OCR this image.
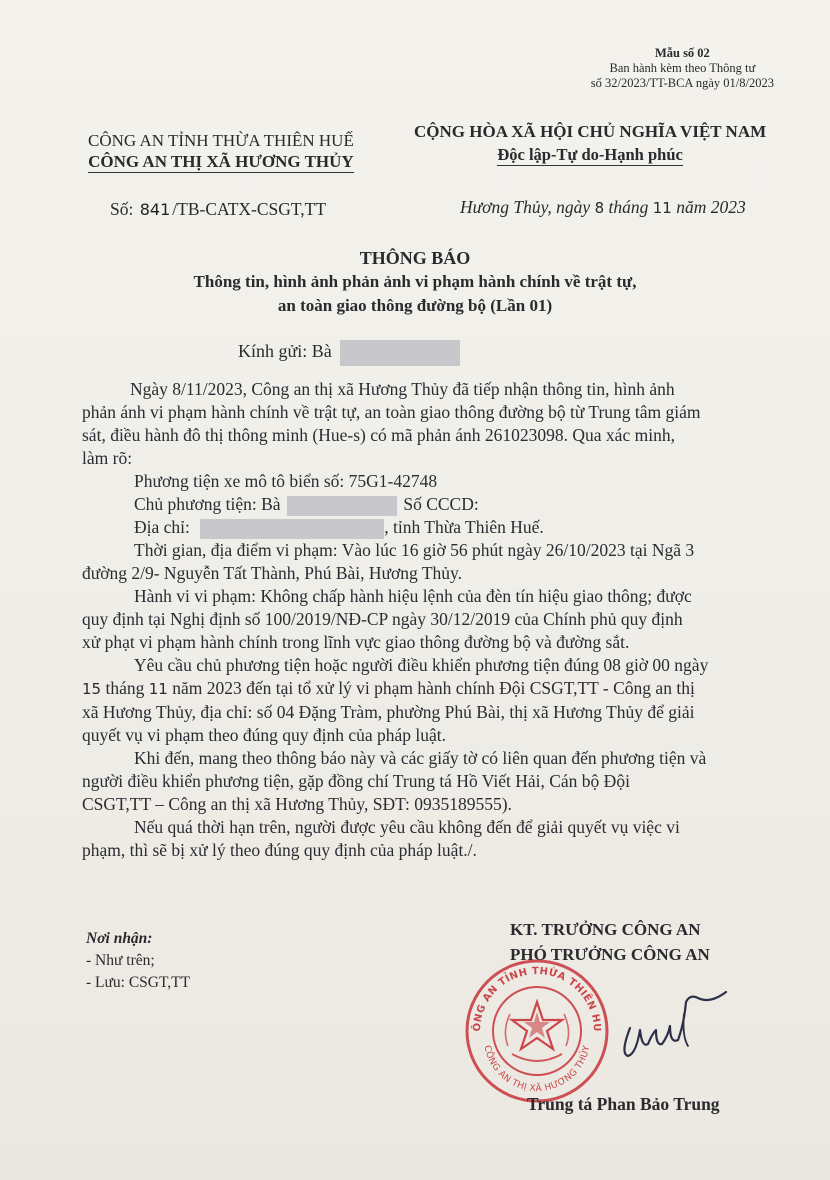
Mẫu số 02
Ban hành kèm theo Thông tư
số 32/2023/TT-BCA ngày 01/8/2023
CÔNG AN TỈNH THỪA THIÊN HUẾ
CÔNG AN THỊ XÃ HƯƠNG THỦY
CỘNG HÒA XÃ HỘI CHỦ NGHĨA VIỆT NAM
Độc lập-Tự do-Hạnh phúc
Số: 841 /TB-CATX-CSGT,TT	Hương Thủy, ngày 8 tháng 11 năm 2023
THÔNG BÁO
Thông tin, hình ảnh phản ảnh vi phạm hành chính về trật tự,
an toàn giao thông đường bộ (Lần 01)
Kính gửi: Bà
Ngày 8/11/2023, Công an thị xã Hương Thủy đã tiếp nhận thông tin, hình ảnh
phản ánh vi phạm hành chính về trật tự, an toàn giao thông đường bộ từ Trung tâm giám
sát, điều hành đô thị thông minh (Hue-s) có mã phản ánh 261023098. Qua xác minh,
làm rõ:
Phương tiện xe mô tô biển số: 75G1-42748
Chủ phương tiện: Bà	Số CCCD:
Địa chỉ:	, tỉnh Thừa Thiên Huế.
Thời gian, địa điểm vi phạm: Vào lúc 16 giờ 56 phút ngày 26/10/2023 tại Ngã 3
đường 2/9- Nguyễn Tất Thành, Phú Bài, Hương Thủy.
Hành vi vi phạm: Không chấp hành hiệu lệnh của đèn tín hiệu giao thông; được
quy định tại Nghị định số 100/2019/NĐ-CP ngày 30/12/2019 của Chính phủ quy định
xử phạt vi phạm hành chính trong lĩnh vực giao thông đường bộ và đường sắt.
Yêu cầu chủ phương tiện hoặc người điều khiển phương tiện đúng 08 giờ 00 ngày
15 tháng 11 năm 2023 đến tại tổ xử lý vi phạm hành chính Đội CSGT,TT - Công an thị
xã Hương Thủy, địa chỉ: số 04 Đặng Tràm, phường Phú Bài, thị xã Hương Thủy để giải
quyết vụ vi phạm theo đúng quy định của pháp luật.
Khi đến, mang theo thông báo này và các giấy tờ có liên quan đến phương tiện và
người điều khiển phương tiện, gặp đồng chí Trung tá Hồ Viết Hải, Cán bộ Đội
CSGT,TT – Công an thị xã Hương Thủy, SĐT: 0935189555).
Nếu quá thời hạn trên, người được yêu cầu không đến để giải quyết vụ việc vi
phạm, thì sẽ bị xử lý theo đúng quy định của pháp luật./.
Nơi nhận:
- Như trên;
- Lưu: CSGT,TT
KT. TRƯỞNG CÔNG AN
PHÓ TRƯỞNG CÔNG AN
ÔNG AN TỈNH THỪA THIÊN HU
CÔNG AN THỊ XÃ HƯƠNG THỦY
Trung tá Phan Bảo Trung
